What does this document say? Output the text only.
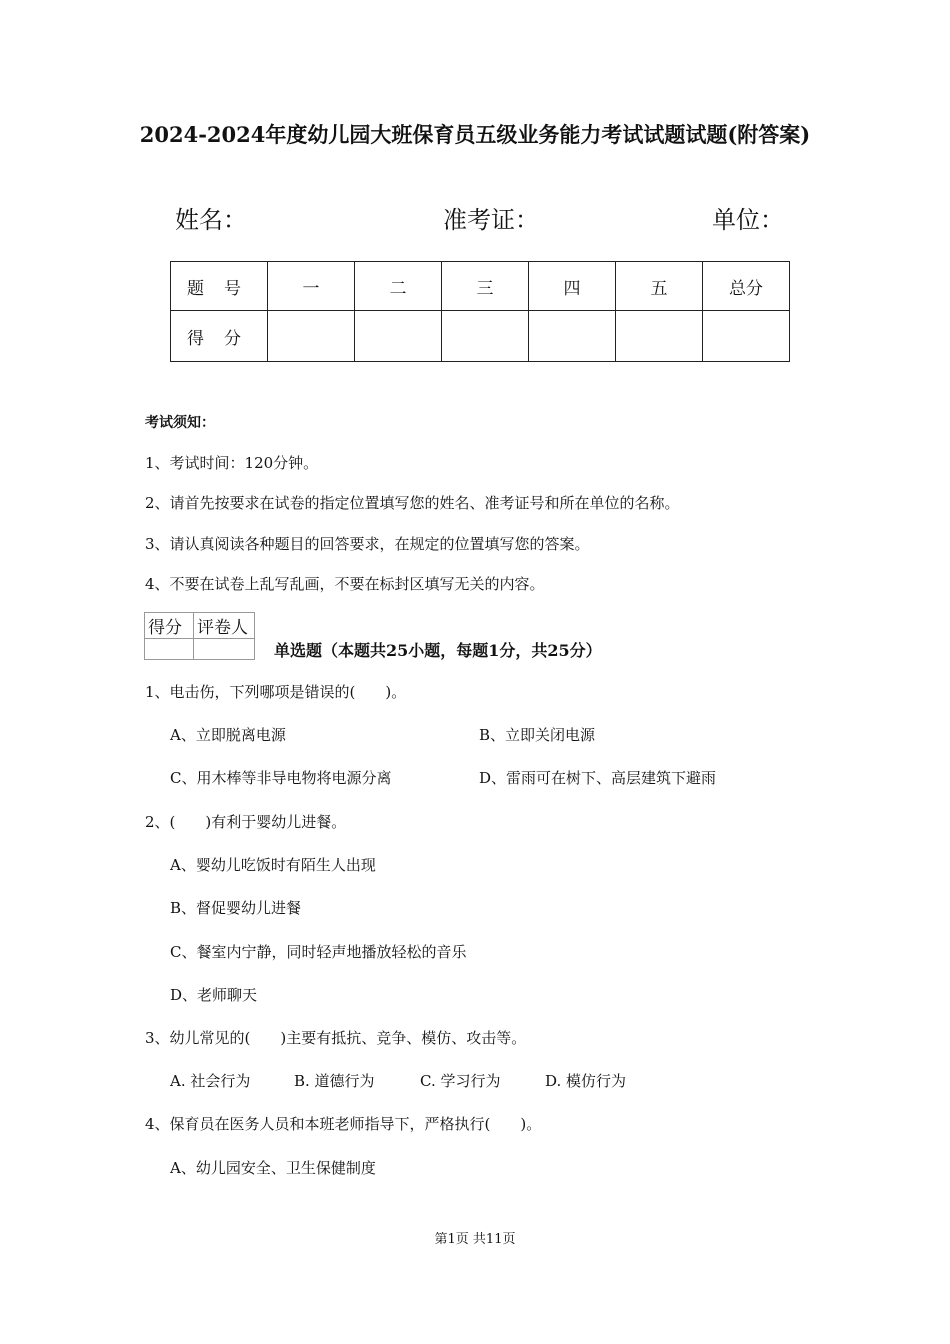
2024-2024年度幼儿园大班保育员五级业务能力考试试题试题(附答案)
姓名：	准考证：	单位：
题号	一	二	三	四	五	总分
得分						
考试须知：
1、考试时间：120分钟。
2、请首先按要求在试卷的指定位置填写您的姓名、准考证号和所在单位的名称。
3、请认真阅读各种题目的回答要求，在规定的位置填写您的答案。
4、不要在试卷上乱写乱画，不要在标封区填写无关的内容。
得分	评卷人

单选题（本题共25小题，每题1分，共25分）
1、电击伤，下列哪项是错误的(　　)。
A、立即脱离电源	B、立即关闭电源
C、用木棒等非导电物将电源分离	D、雷雨可在树下、高层建筑下避雨
2、(　　)有利于婴幼儿进餐。
A、婴幼儿吃饭时有陌生人出现
B、督促婴幼儿进餐
C、餐室内宁静，同时轻声地播放轻松的音乐
D、老师聊天
3、幼儿常见的(　　)主要有抵抗、竞争、模仿、攻击等。
A. 社会行为	B. 道德行为	C. 学习行为	D. 模仿行为
4、保育员在医务人员和本班老师指导下，严格执行(　　)。
A、幼儿园安全、卫生保健制度
第1页 共11页
